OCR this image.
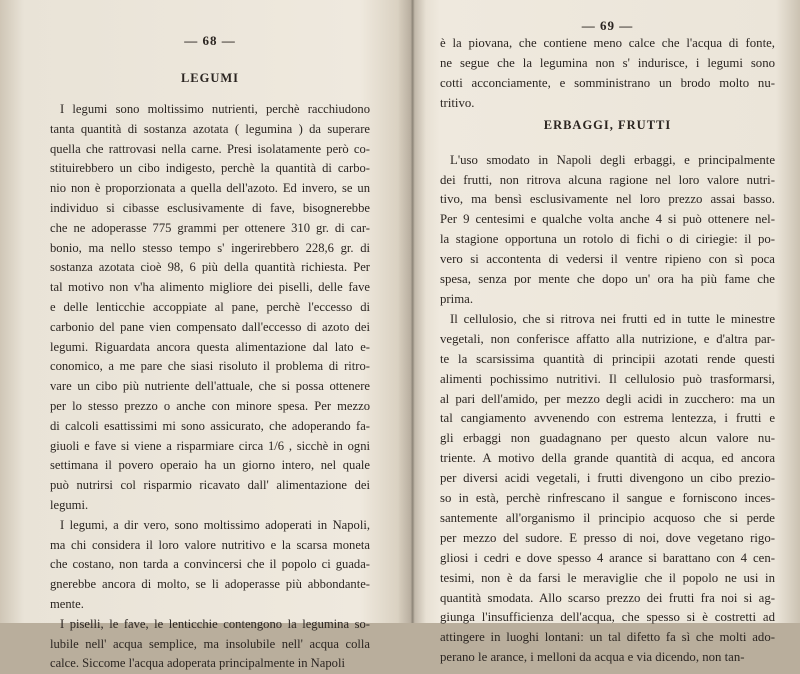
— 68 —
LEGUMI
I legumi sono moltissimo nutrienti, perchè racchiudono
tanta quantità di sostanza azotata ( legumina ) da superare
quella che rattrovasi nella carne. Presi isolatamente però co-
stituirebbero un cibo indigesto, perchè la quantità di carbo-
nio non è proporzionata a quella dell'azoto. Ed invero, se un
individuo si cibasse esclusivamente di fave, bisognerebbe
che ne adoperasse 775 grammi per ottenere 310 gr. di car-
bonio, ma nello stesso tempo s' ingerirebbero 228,6 gr. di
sostanza azotata cioè 98, 6 più della quantità richiesta. Per
tal motivo non v'ha alimento migliore dei piselli, delle fave
e delle lenticchie accoppiate al pane, perchè l'eccesso di
carbonio del pane vien compensato dall'eccesso di azoto dei
legumi. Riguardata ancora questa alimentazione dal lato e-
conomico, a me pare che siasi risoluto il problema di ritro-
vare un cibo più nutriente dell'attuale, che si possa ottenere
per lo stesso prezzo o anche con minore spesa. Per mezzo
di calcoli esattissimi mi sono assicurato, che adoperando fa-
giuoli e fave si viene a risparmiare circa 1/6 , sicchè in ogni
settimana il povero operaio ha un giorno intero, nel quale
può nutrirsi col risparmio ricavato dall' alimentazione dei
legumi.
I legumi, a dir vero, sono moltissimo adoperati in Napoli,
ma chi considera il loro valore nutritivo e la scarsa moneta
che costano, non tarda a convincersi che il popolo ci guada-
gnerebbe ancora di molto, se li adoperasse più abbondante-
mente.
I piselli, le fave, le lenticchie contengono la legumina so-
lubile nell' acqua semplice, ma insolubile nell' acqua colla
calce. Siccome l'acqua adoperata principalmente in Napoli
— 69 —
è la piovana, che contiene meno calce che l'acqua di fonte,
ne segue che la legumina non s' indurisce, i legumi sono
cotti acconciamente, e somministrano un brodo molto nu-
tritivo.
ERBAGGI, FRUTTI
L'uso smodato in Napoli degli erbaggi, e principalmente
dei frutti, non ritrova alcuna ragione nel loro valore nutri-
tivo, ma bensì esclusivamente nel loro prezzo assai basso.
Per 9 centesimi e qualche volta anche 4 si può ottenere nel-
la stagione opportuna un rotolo di fichi o di ciriegie: il po-
vero si accontenta di vedersi il ventre ripieno con sì poca
spesa, senza por mente che dopo un' ora ha più fame che
prima.
Il cellulosio, che si ritrova nei frutti ed in tutte le minestre
vegetali, non conferisce affatto alla nutrizione, e d'altra par-
te la scarsissima quantità di principii azotati rende questi
alimenti pochissimo nutritivi. Il cellulosio può trasformarsi,
al pari dell'amido, per mezzo degli acidi in zucchero: ma un
tal cangiamento avvenendo con estrema lentezza, i frutti e
gli erbaggi non guadagnano per questo alcun valore nu-
triente. A motivo della grande quantità di acqua, ed ancora
per diversi acidi vegetali, i frutti divengono un cibo prezio-
so in està, perchè rinfrescano il sangue e forniscono inces-
santemente all'organismo il principio acquoso che si perde
per mezzo del sudore. E presso di noi, dove vegetano rigo-
gliosi i cedri e dove spesso 4 arance si barattano con 4 cen-
tesimi, non è da farsi le meraviglie che il popolo ne usi in
quantità smodata. Allo scarso prezzo dei frutti fra noi si ag-
giunga l'insufficienza dell'acqua, che spesso si è costretti ad
attingere in luoghi lontani: un tal difetto fa sì che molti ado-
perano le arance, i melloni da acqua e via dicendo, non tan-
